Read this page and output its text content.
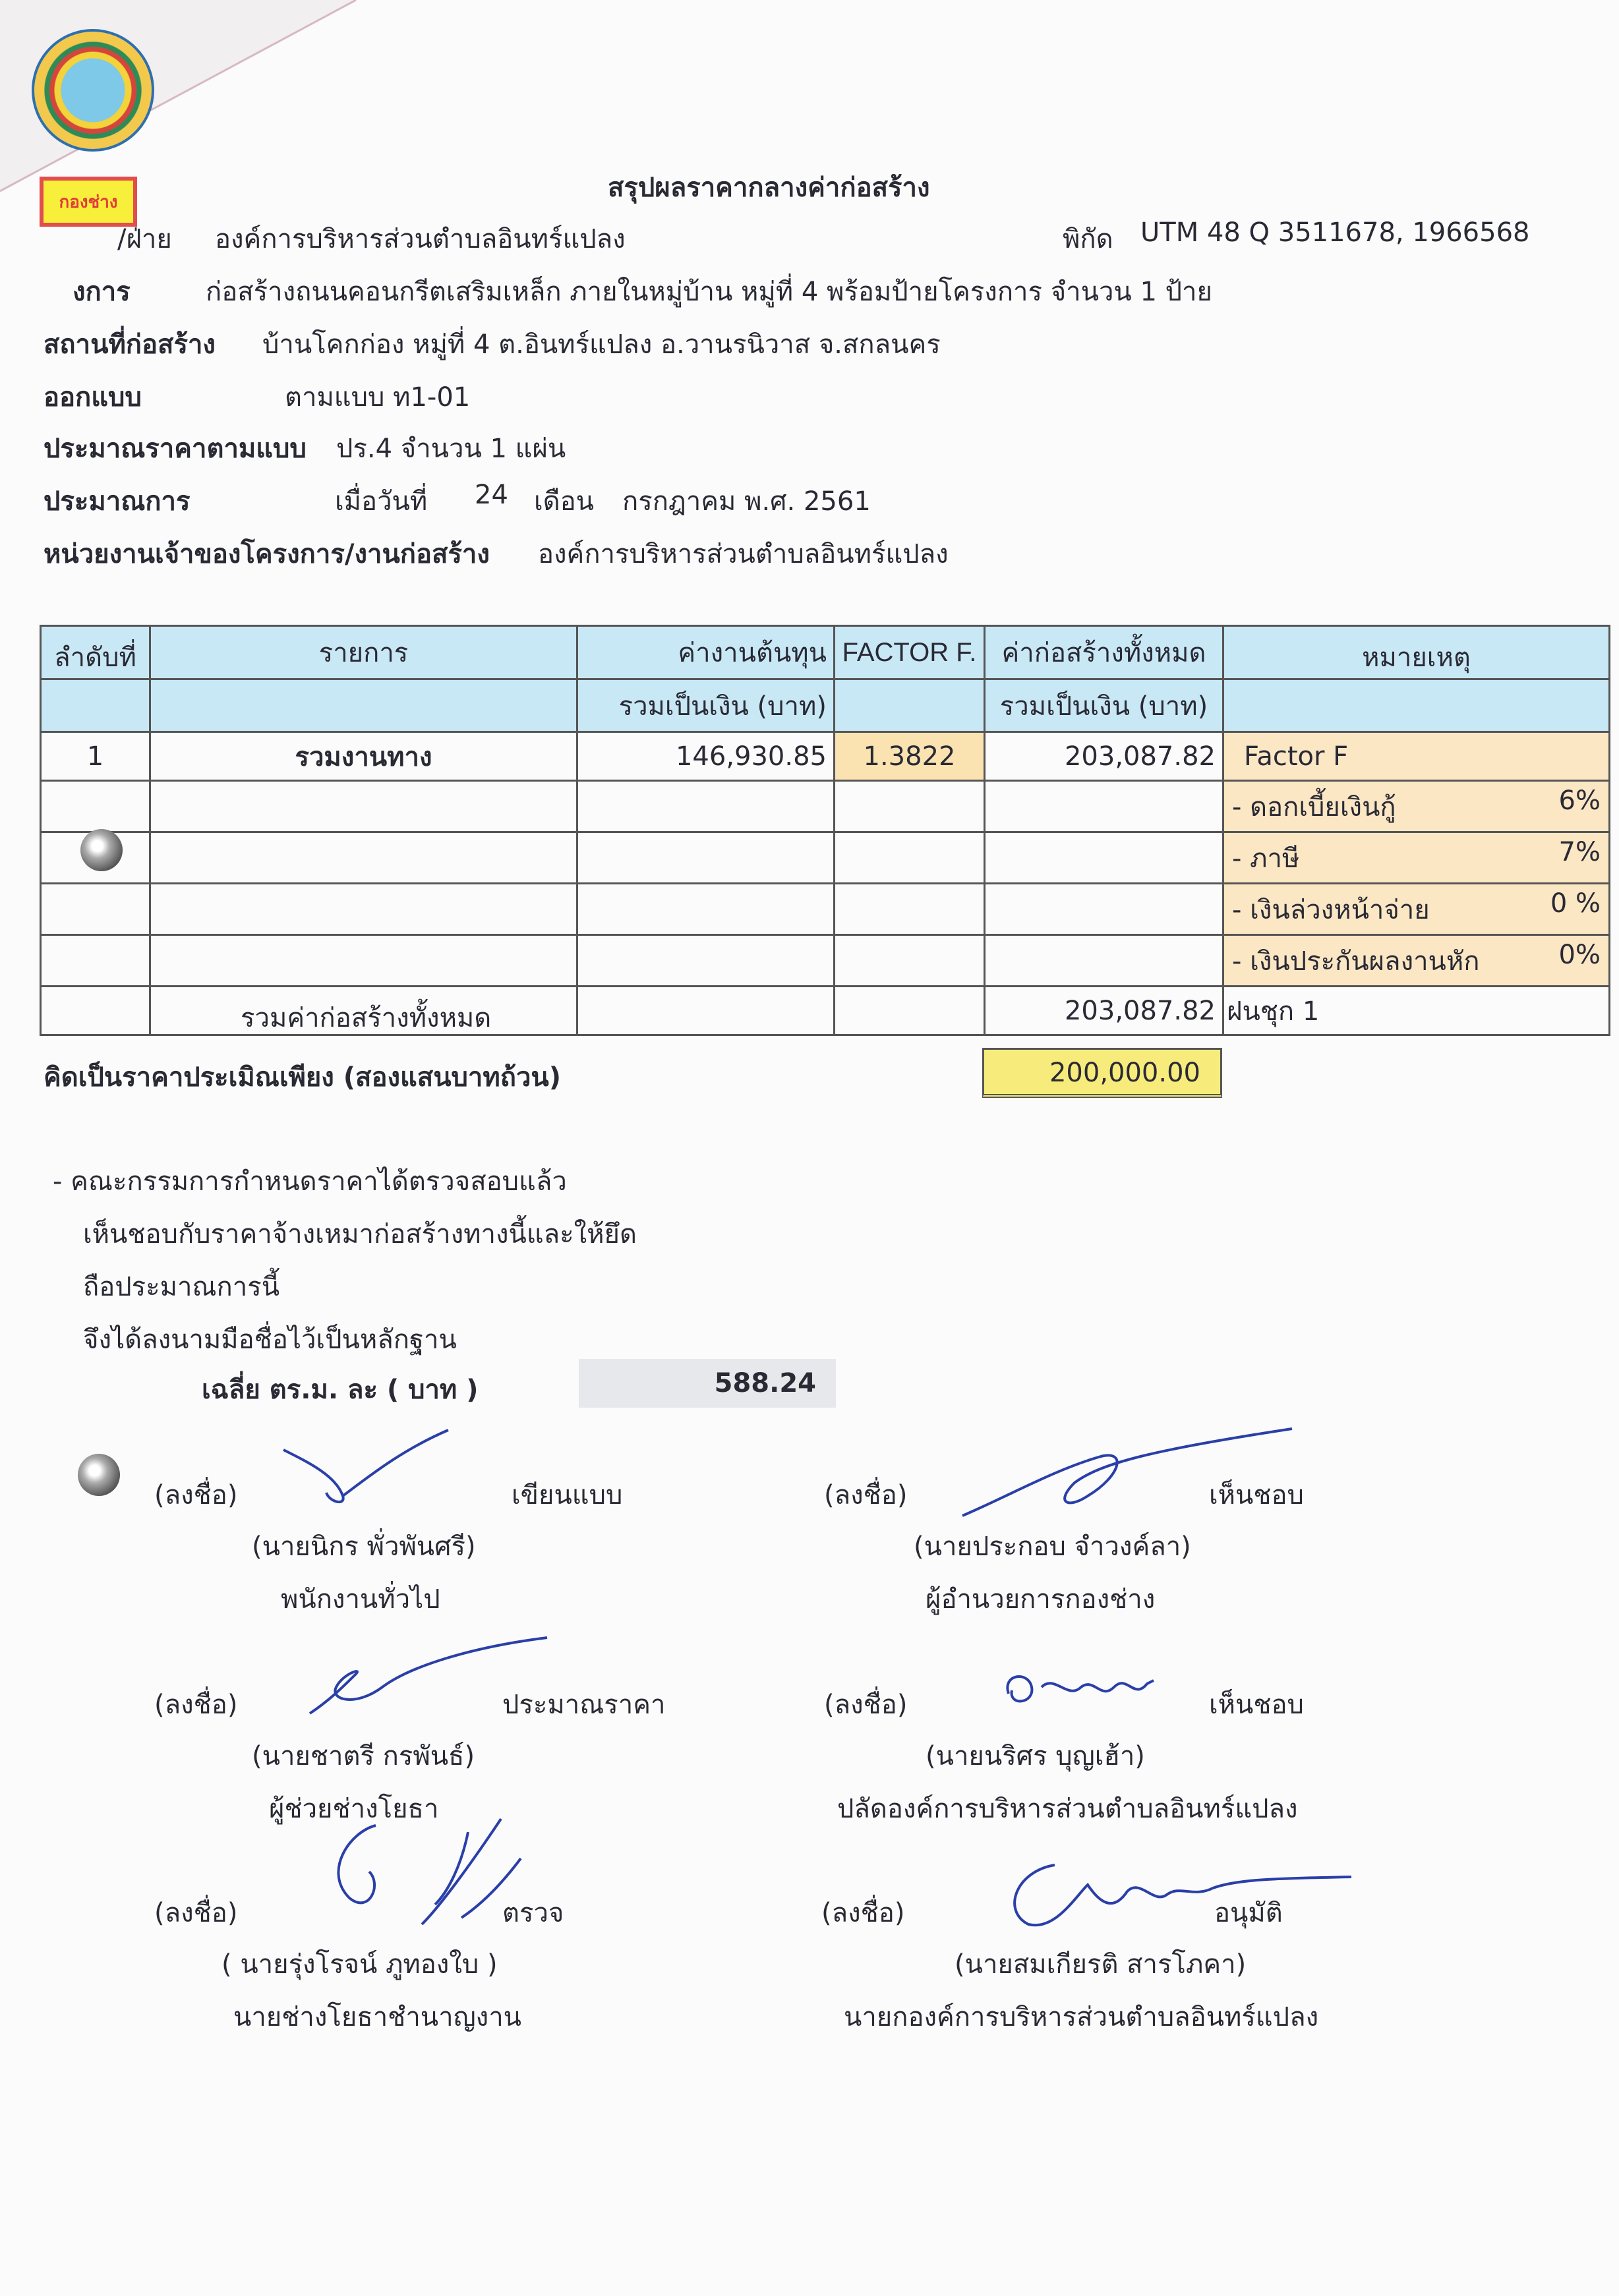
กองช่าง	สรุปผลราคากลางค่าก่อสร้าง
/ฝ่าย องค์การบริหารส่วนตำบลอินทร์แปลง	พิกัด UTM 48 Q 3511678, 1966568
งการ	ก่อสร้างถนนคอนกรีตเสริมเหล็ก ภายในหมู่บ้าน หมู่ที่ 4 พร้อมป้ายโครงการ จำนวน 1 ป้าย
สถานที่ก่อสร้าง บ้านโคกก่อง หมู่ที่ 4 ต.อินทร์แปลง อ.วานรนิวาส จ.สกลนคร
ออกแบบ	ตามแบบ ท1-01
ประมาณราคาตามแบบ ปร.4 จำนวน 1 แผ่น
ประมาณการ	เมื่อวันที่ 24 เดือน กรกฎาคม พ.ศ. 2561
หน่วยงานเจ้าของโครงการ/งานก่อสร้าง องค์การบริหารส่วนตำบลอินทร์แปลง
ลำดับที่	รายการ	ค่างานต้นทุน	FACTOR F.	ค่าก่อสร้างทั้งหมด	หมายเหตุ
		รวมเป็นเงิน (บาท)		รวมเป็นเงิน (บาท)	
1	รวมงานทาง	146,930.85	1.3822	203,087.82	Factor F
					- ดอกเบี้ยเงินกู้ 6%

					- ภาษี 7%

					- เงินล่วงหน้าจ่าย 0 %

					- เงินประกันผลงานหัก 0%

	รวมค่าก่อสร้างทั้งหมด			203,087.82	ฝนชุก 1
คิดเป็นราคาประเมิณเพียง (สองแสนบาทถ้วน)	200,000.00
- คณะกรรมการกำหนดราคาได้ตรวจสอบแล้ว
เห็นชอบกับราคาจ้างเหมาก่อสร้างทางนี้และให้ยึด
ถือประมาณการนี้
จึงได้ลงนามมือชื่อไว้เป็นหลักฐาน
เฉลี่ย ตร.ม. ละ ( บาท )	588.24
(ลงชื่อ)	เขียนแบบ
(นายนิกร พั่วพันศรี)
พนักงานทั่วไป
(ลงชื่อ)	ประมาณราคา
(นายชาตรี กรพันธ์)
ผู้ช่วยช่างโยธา
(ลงชื่อ)	ตรวจ
( นายรุ่งโรจน์ ภูทองใบ )
นายช่างโยธาชำนาญงาน
(ลงชื่อ)	เห็นชอบ
(นายประกอบ จำวงค์ลา)
ผู้อำนวยการกองช่าง
(ลงชื่อ)	เห็นชอบ
(นายนริศร บุญเฮ้า)
ปลัดองค์การบริหารส่วนตำบลอินทร์แปลง
(ลงชื่อ)	อนุมัติ
(นายสมเกียรติ สารโภคา)
นายกองค์การบริหารส่วนตำบลอินทร์แปลง
